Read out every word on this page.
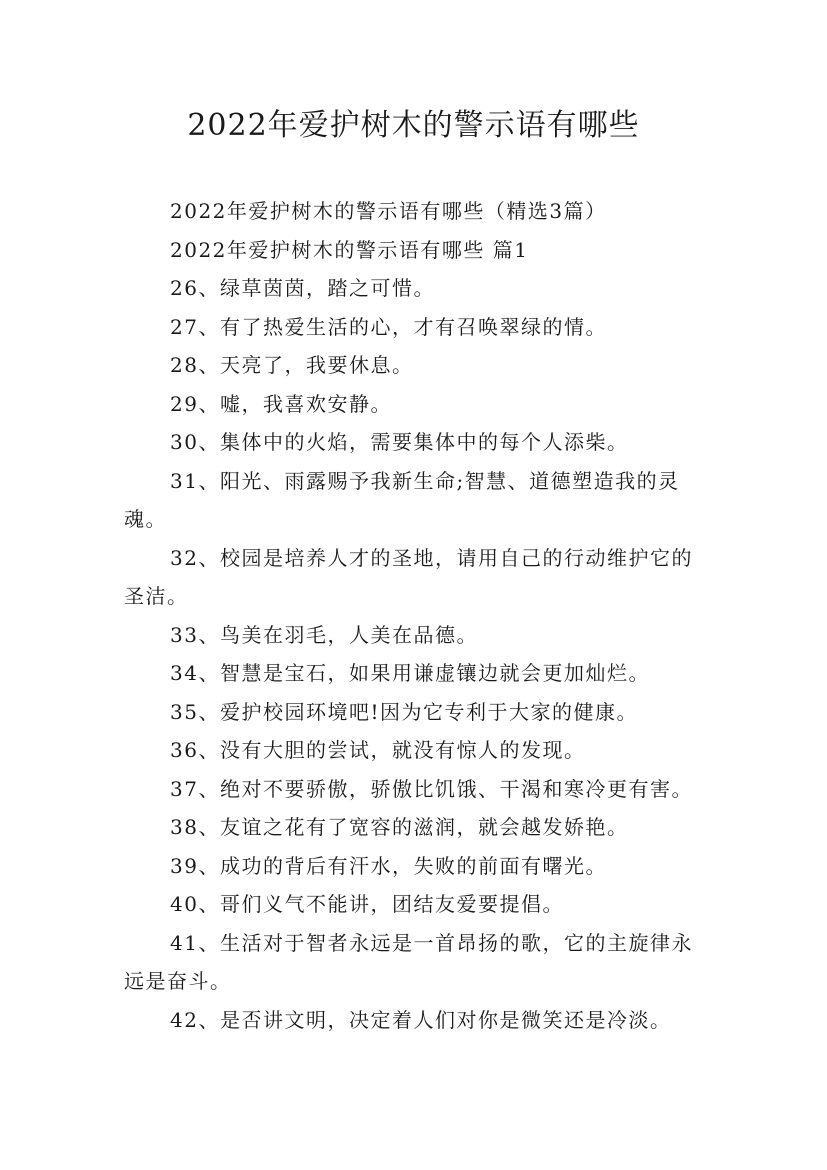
2022年爱护树木的警示语有哪些

2022年爱护树木的警示语有哪些（精选3篇）

2022年爱护树木的警示语有哪些 篇1

26、绿草茵茵，踏之可惜。

27、有了热爱生活的心，才有召唤翠绿的情。

28、天亮了，我要休息。

29、嘘，我喜欢安静。

30、集体中的火焰，需要集体中的每个人添柴。

31、阳光、雨露赐予我新生命;智慧、道德塑造我的灵魂。

32、校园是培养人才的圣地，请用自己的行动维护它的圣洁。

33、鸟美在羽毛，人美在品德。

34、智慧是宝石，如果用谦虚镶边就会更加灿烂。

35、爱护校园环境吧!因为它专利于大家的健康。

36、没有大胆的尝试，就没有惊人的发现。

37、绝对不要骄傲，骄傲比饥饿、干渴和寒冷更有害。

38、友谊之花有了宽容的滋润，就会越发娇艳。

39、成功的背后有汗水，失败的前面有曙光。

40、哥们义气不能讲，团结友爱要提倡。

41、生活对于智者永远是一首昂扬的歌，它的主旋律永远是奋斗。

42、是否讲文明，决定着人们对你是微笑还是冷淡。
